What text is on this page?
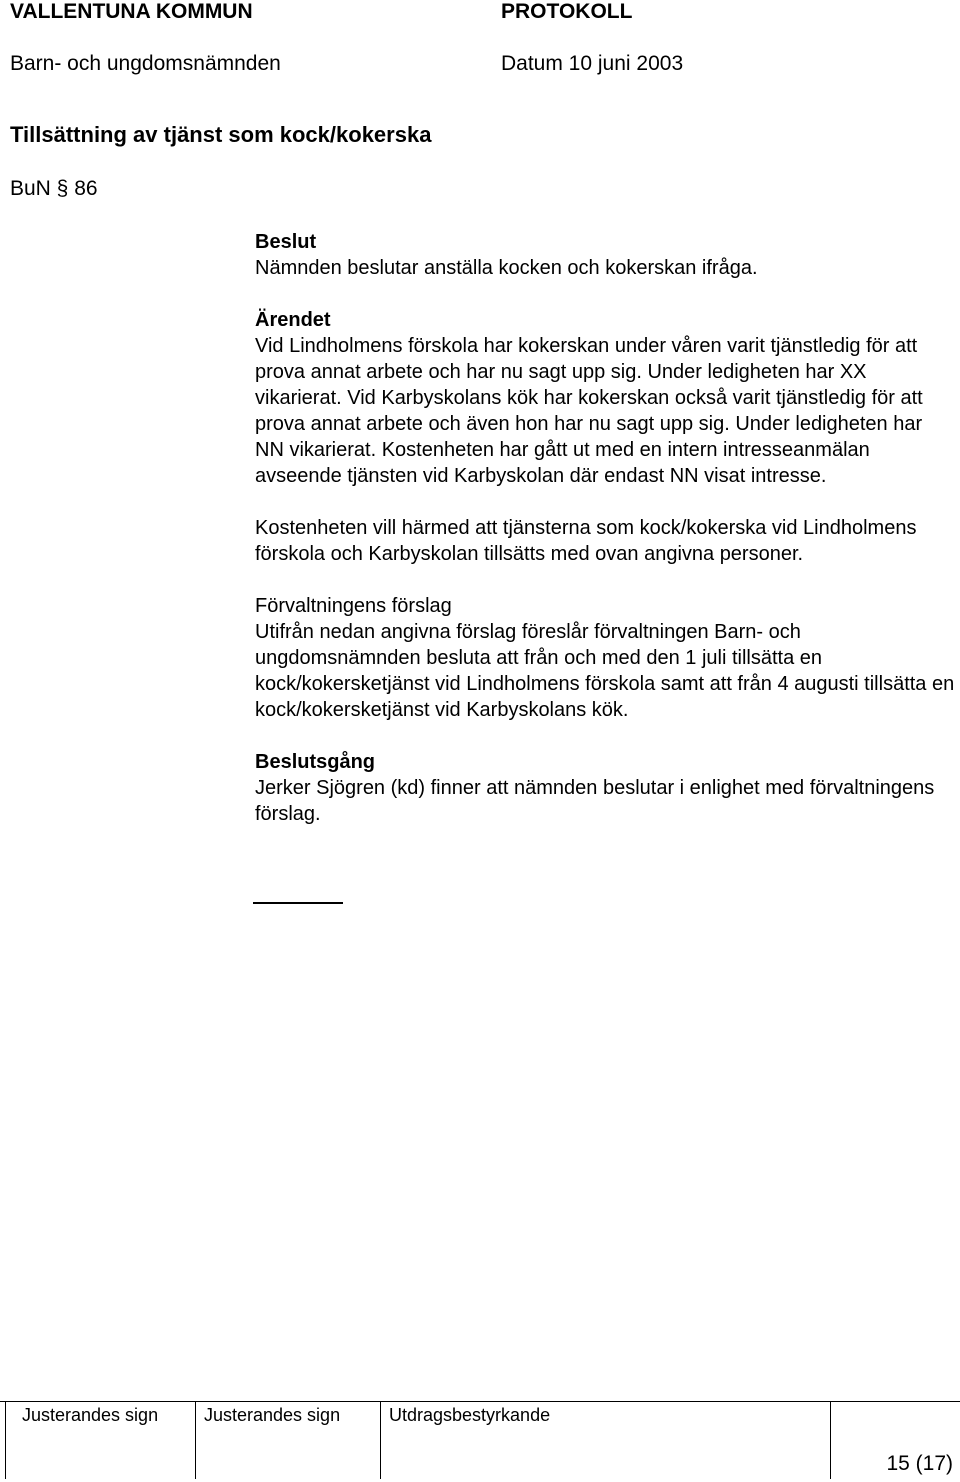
VALLENTUNA KOMMUN	PROTOKOLL
Barn- och ungdomsnämnden	Datum 10 juni 2003
Tillsättning av tjänst som kock/kokerska
BuN § 86

Beslut

Nämnden beslutar anställa kocken och kokerskan ifråga.

Ärendet

Vid Lindholmens förskola har kokerskan under våren varit tjänstledig för att prova annat arbete och har nu sagt upp sig. Under ledigheten har XX vikarierat. Vid Karbyskolans kök har kokerskan också varit tjänstledig för att prova annat arbete och även hon har nu sagt upp sig. Under ledigheten har NN vikarierat. Kostenheten har gått ut med en intern intresseanmälan avseende tjänsten vid Karbyskolan där endast NN visat intresse.

Kostenheten vill härmed att tjänsterna som kock/kokerska vid Lindholmens förskola och Karbyskolan tillsätts med ovan angivna personer.

Förvaltningens förslag

Utifrån nedan angivna förslag föreslår förvaltningen Barn- och ungdomsnämnden besluta att från och med den 1 juli tillsätta en kock/kokersketjänst vid Lindholmens förskola samt att från 4 augusti tillsätta en kock/kokersketjänst vid Karbyskolans kök.

Beslutsgång

Jerker Sjögren (kd) finner att nämnden beslutar i enlighet med förvaltningens förslag.

Justerandes sign	Justerandes sign	Utdragsbestyrkande
15 (17)
